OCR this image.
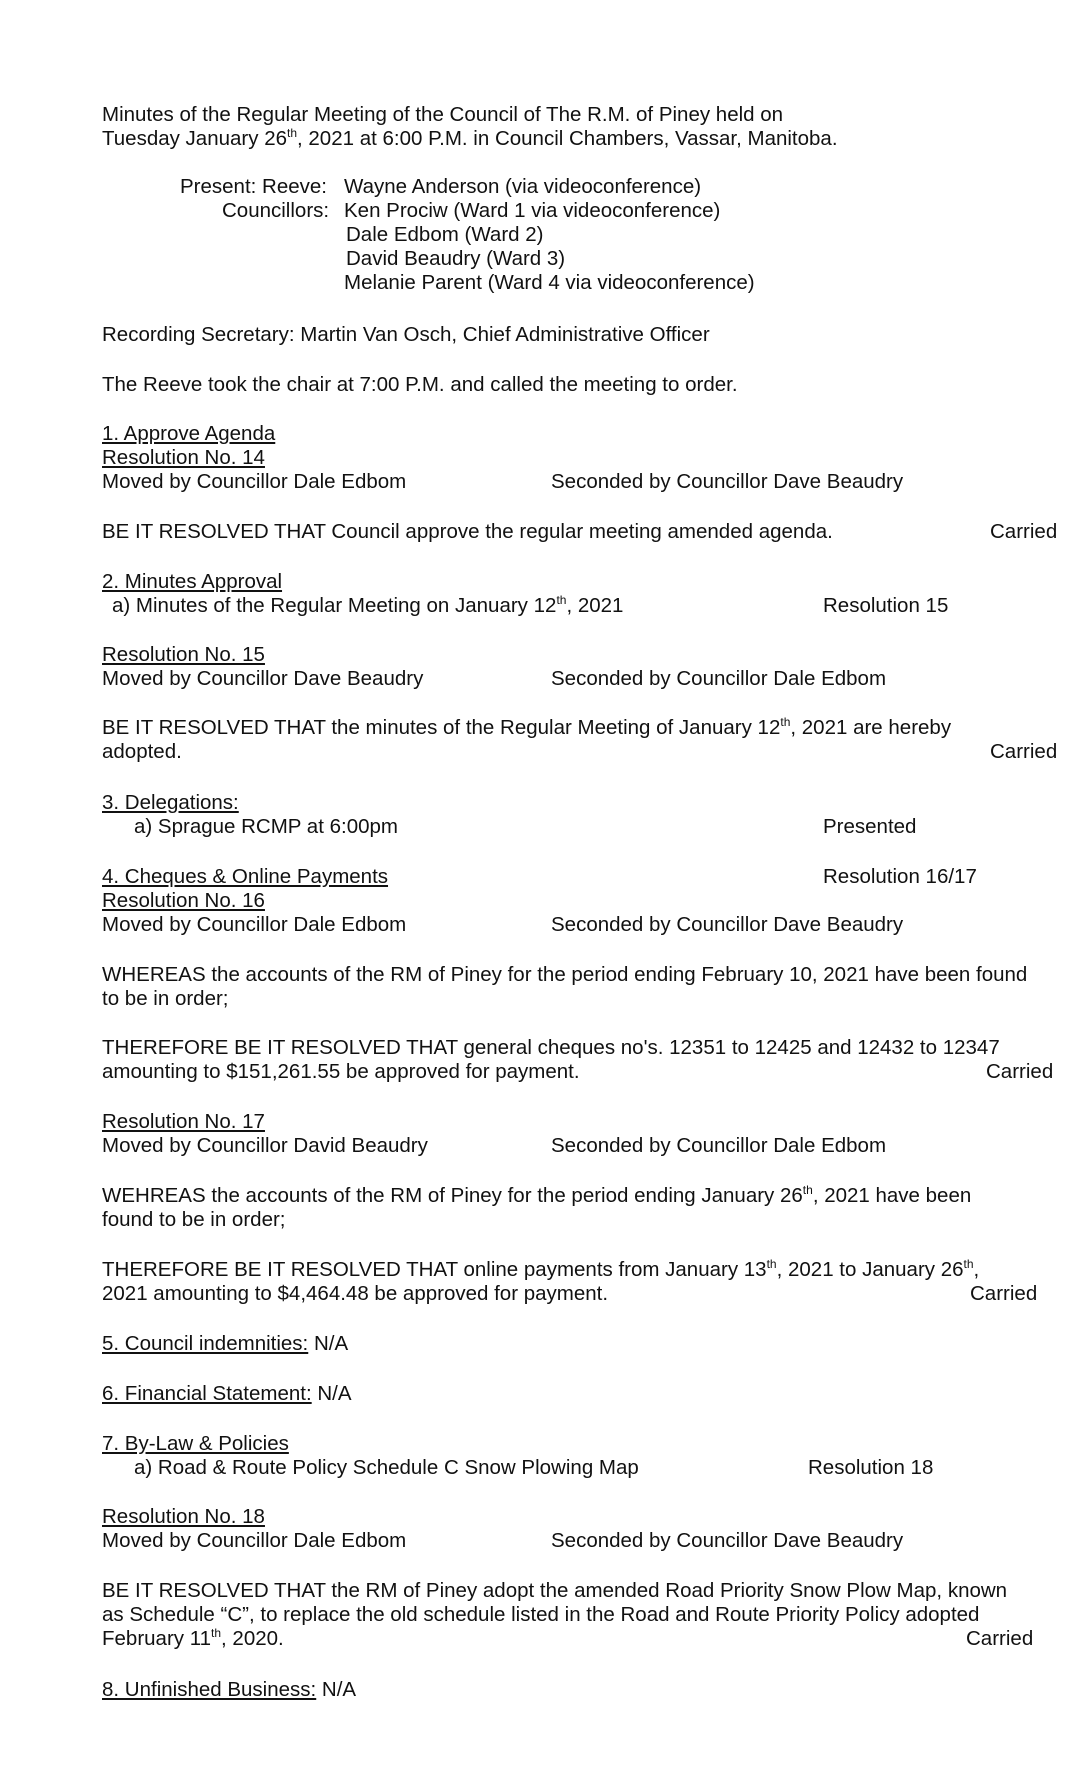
Minutes of the Regular Meeting of the Council of The R.M. of Piney held on
Tuesday January 26th, 2021 at 6:00 P.M. in Council Chambers, Vassar, Manitoba.
Present: Reeve: Wayne Anderson (via videoconference)
Councillors: Ken Prociw (Ward 1 via videoconference)
Dale Edbom (Ward 2)
David Beaudry (Ward 3)
Melanie Parent (Ward 4 via videoconference)
Recording Secretary: Martin Van Osch, Chief Administrative Officer
The Reeve took the chair at 7:00 P.M. and called the meeting to order.
1. Approve Agenda
Resolution No. 14
Moved by Councillor Dale Edbom	Seconded by Councillor Dave Beaudry
BE IT RESOLVED THAT Council approve the regular meeting amended agenda.	Carried
2. Minutes Approval
a) Minutes of the Regular Meeting on January 12th, 2021	Resolution 15
Resolution No. 15
Moved by Councillor Dave Beaudry	Seconded by Councillor Dale Edbom
BE IT RESOLVED THAT the minutes of the Regular Meeting of January 12th, 2021 are hereby
adopted.	Carried
3. Delegations:
a) Sprague RCMP at 6:00pm	Presented
4. Cheques & Online Payments	Resolution 16/17
Resolution No. 16
Moved by Councillor Dale Edbom	Seconded by Councillor Dave Beaudry
WHEREAS the accounts of the RM of Piney for the period ending February 10, 2021 have been found
to be in order;
THEREFORE BE IT RESOLVED THAT general cheques no's. 12351 to 12425 and 12432 to 12347
amounting to $151,261.55 be approved for payment.	Carried
Resolution No. 17
Moved by Councillor David Beaudry	Seconded by Councillor Dale Edbom
WEHREAS the accounts of the RM of Piney for the period ending January 26th, 2021 have been
found to be in order;
THEREFORE BE IT RESOLVED THAT online payments from January 13th, 2021 to January 26th,
2021 amounting to $4,464.48 be approved for payment.	Carried
5. Council indemnities: N/A
6. Financial Statement: N/A
7. By-Law & Policies
a) Road & Route Policy Schedule C Snow Plowing Map	Resolution 18
Resolution No. 18
Moved by Councillor Dale Edbom	Seconded by Councillor Dave Beaudry
BE IT RESOLVED THAT the RM of Piney adopt the amended Road Priority Snow Plow Map, known
as Schedule “C”, to replace the old schedule listed in the Road and Route Priority Policy adopted
February 11th, 2020.	Carried
8. Unfinished Business: N/A
